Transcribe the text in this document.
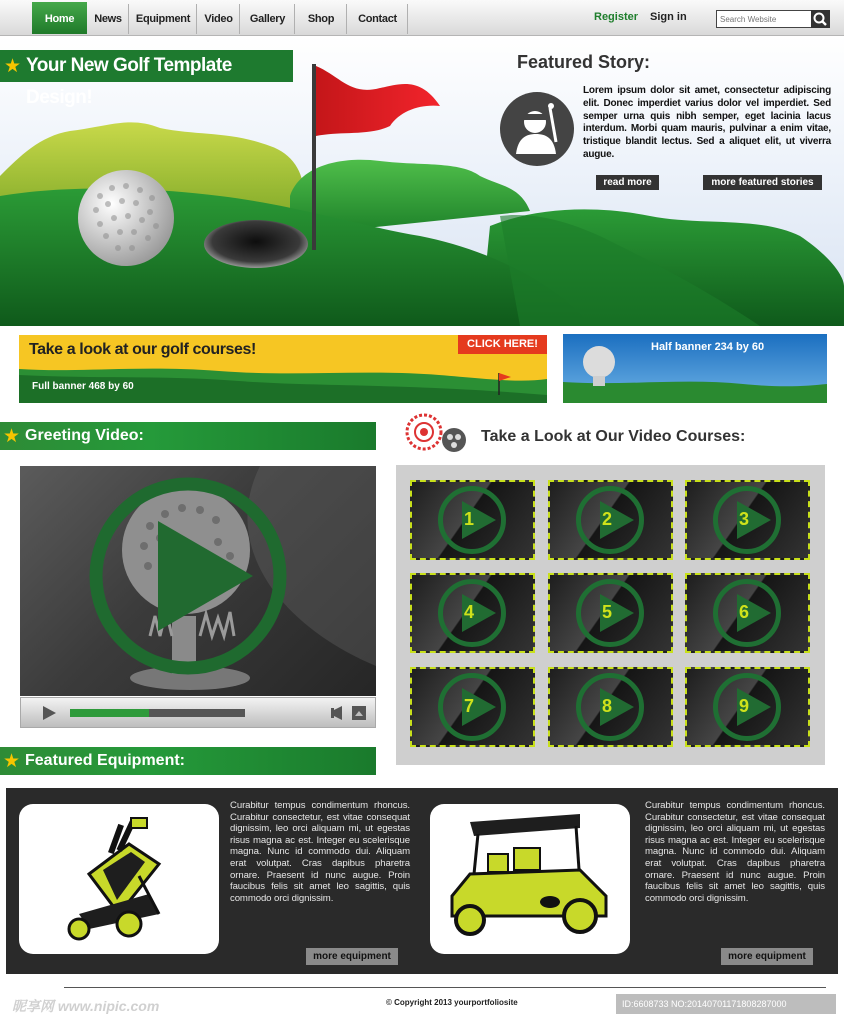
Home	News	Equipment	Video	Gallery	Shop	Contact	Register Sign in
Search Website
Your New Golf Template Design!
★	Featured Story:
Lorem ipsum dolor sit amet, consectetur adipiscing elit. Donec imperdiet varius dolor vel imperdiet. Sed semper urna quis nibh semper, eget lacinia lacus interdum. Morbi quam mauris, pulvinar a enim vitae, tristique blandit lectus. Sed a aliquet elit, ut viverra augue.
read more	more featured stories
Take a look at our golf courses!	CLICK HERE!
Full banner 468 by 60
Half banner 234 by 60
Greeting Video:
★	Take a Look at Our Video Courses:
1	2	3
4	5	6
7	8	9
Featured Equipment:
★
Curabitur tempus condimentum rhoncus. Curabitur consectetur, est vitae consequat dignissim, leo orci aliquam mi, ut egestas risus magna ac est. Integer eu scelerisque magna. Nunc id commodo dui. Aliquam erat volutpat. Cras dapibus pharetra ornare. Praesent id nunc augue. Proin faucibus felis sit amet leo sagittis, quis commodo orci dignissim.
more equipment
Curabitur tempus condimentum rhoncus. Curabitur consectetur, est vitae consequat dignissim, leo orci aliquam mi, ut egestas risus magna ac est. Integer eu scelerisque magna. Nunc id commodo dui. Aliquam erat volutpat. Cras dapibus pharetra ornare. Praesent id nunc augue. Proin faucibus felis sit amet leo sagittis, quis commodo orci dignissim.
more equipment
© Copyright 2013 yourportfoliosite
昵享网 www.nipic.com	ID:6608733 NO:20140701171808287000
